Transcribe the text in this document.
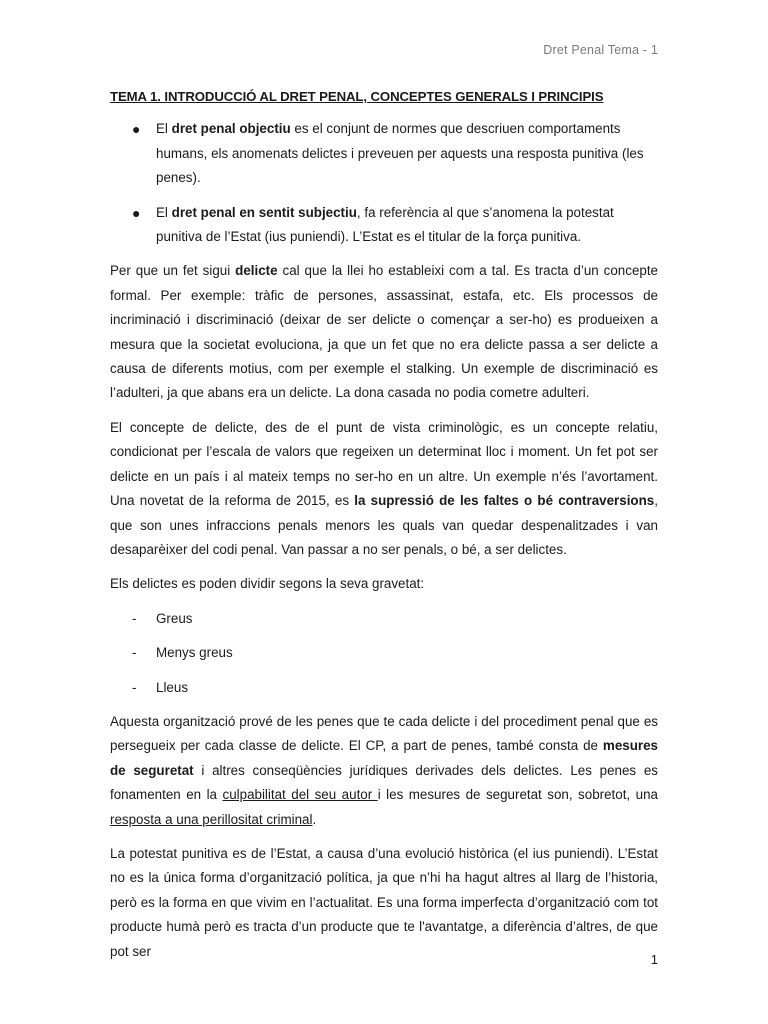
Dret Penal Tema - 1
TEMA 1. INTRODUCCIÓ AL DRET PENAL, CONCEPTES GENERALS I PRINCIPIS
● El dret penal objectiu es el conjunt de normes que descriuen comportaments humans, els anomenats delictes i preveuen per aquests una resposta punitiva (les penes).
● El dret penal en sentit subjectiu, fa referència al que s’anomena la potestat punitiva de l’Estat (ius puniendi). L’Estat es el titular de la força punitiva.

Per que un fet sigui delicte cal que la llei ho estableixi com a tal. Es tracta d’un concepte formal. Per exemple: tràfic de persones, assassinat, estafa, etc. Els processos de incriminació i discriminació (deixar de ser delicte o començar a ser-ho) es produeixen a mesura que la societat evoluciona, ja que un fet que no era delicte passa a ser delicte a causa de diferents motius, com per exemple el stalking. Un exemple de discriminació es l’adulteri, ja que abans era un delicte. La dona casada no podia cometre adulteri.

El concepte de delicte, des de el punt de vista criminològic, es un concepte relatiu, condicionat per l’escala de valors que regeixen un determinat lloc i moment. Un fet pot ser delicte en un país i al mateix temps no ser-ho en un altre. Un exemple n’és l’avortament. Una novetat de la reforma de 2015, es la supressió de les faltes o bé contraversions, que son unes infraccions penals menors les quals van quedar despenalitzades i van desaparèixer del codi penal. Van passar a no ser penals, o bé, a ser delictes.

Els delictes es poden dividir segons la seva gravetat:

- Greus
- Menys greus
- Lleus

Aquesta organització prové de les penes que te cada delicte i del procediment penal que es persegueix per cada classe de delicte. El CP, a part de penes, també consta de mesures de seguretat i altres conseqüències jurídiques derivades dels delictes. Les penes es fonamenten en la culpabilitat del seu autor i les mesures de seguretat son, sobretot, una resposta a una perillositat criminal.

La potestat punitiva es de l’Estat, a causa d’una evolució històrica (el ius puniendi). L’Estat no es la única forma d’organització política, ja que n’hi ha hagut altres al llarg de l’historia, però es la forma en que vivim en l’actualitat. Es una forma imperfecta d’organització com tot producte humà però es tracta d’un producte que te l'avantatge, a diferència d’altres, de que pot ser

1
